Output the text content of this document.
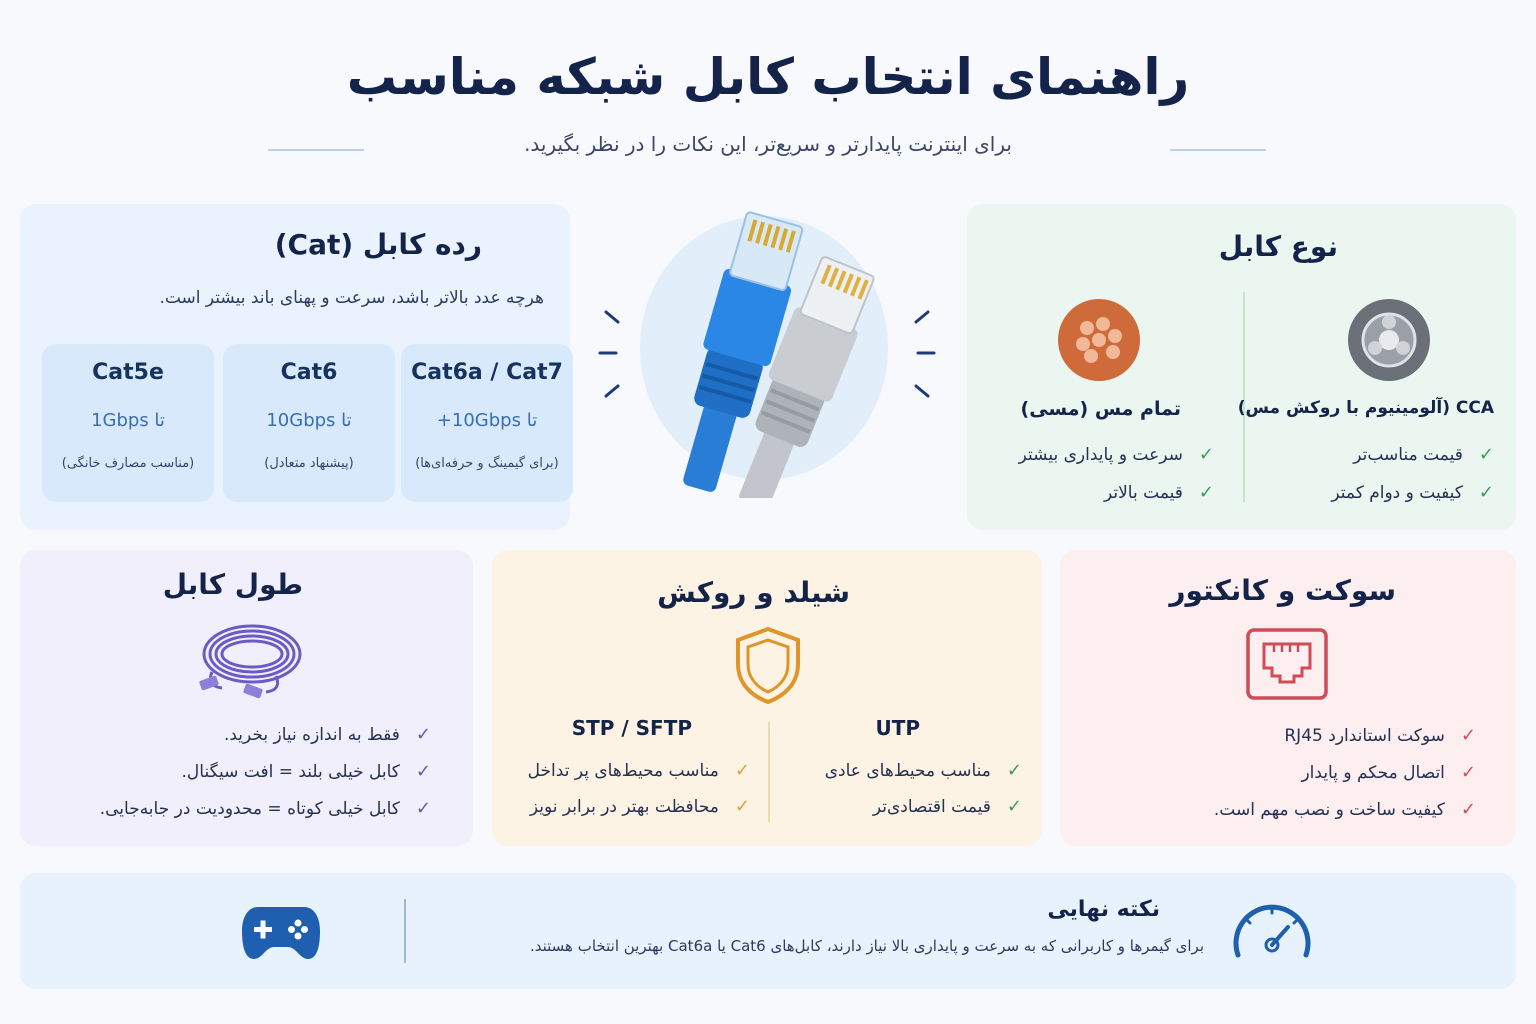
راهنمای انتخاب کابل شبکه مناسب
برای اینترنت پایدارتر و سریع‌تر، این نکات را در نظر بگیرید.
رده کابل (Cat)
هرچه عدد بالاتر باشد، سرعت و پهنای باند بیشتر است.
Cat6a / Cat7
تا 10Gbps+
(برای گیمینگ و حرفه‌ای‌ها)
Cat6
تا 10Gbps
(پیشنهاد متعادل)
Cat5e
تا 1Gbps
(مناسب مصارف خانگی)
نوع کابل
CCA (آلومینیوم با روکش مس)
✓
قیمت مناسب‌تر
✓
کیفیت و دوام کمتر
تمام مس (مسی)
✓
سرعت و پایداری بیشتر
✓
قیمت بالاتر
طول کابل
✓
فقط به اندازه نیاز بخرید.
✓
کابل خیلی بلند = افت سیگنال.
✓
کابل خیلی کوتاه = محدودیت در جابه‌جایی.
شیلد و روکش
UTP
✓
مناسب محیط‌های عادی
✓
قیمت اقتصادی‌تر
STP / SFTP
✓
مناسب محیط‌های پر تداخل
✓
محافظت بهتر در برابر نویز
سوکت و کانکتور
✓
سوکت استاندارد RJ45
✓
اتصال محکم و پایدار
✓
کیفیت ساخت و نصب مهم است.
نکته نهایی
برای گیمرها و کاربرانی که به سرعت و پایداری بالا نیاز دارند، کابل‌های Cat6 یا Cat6a بهترین انتخاب هستند.
